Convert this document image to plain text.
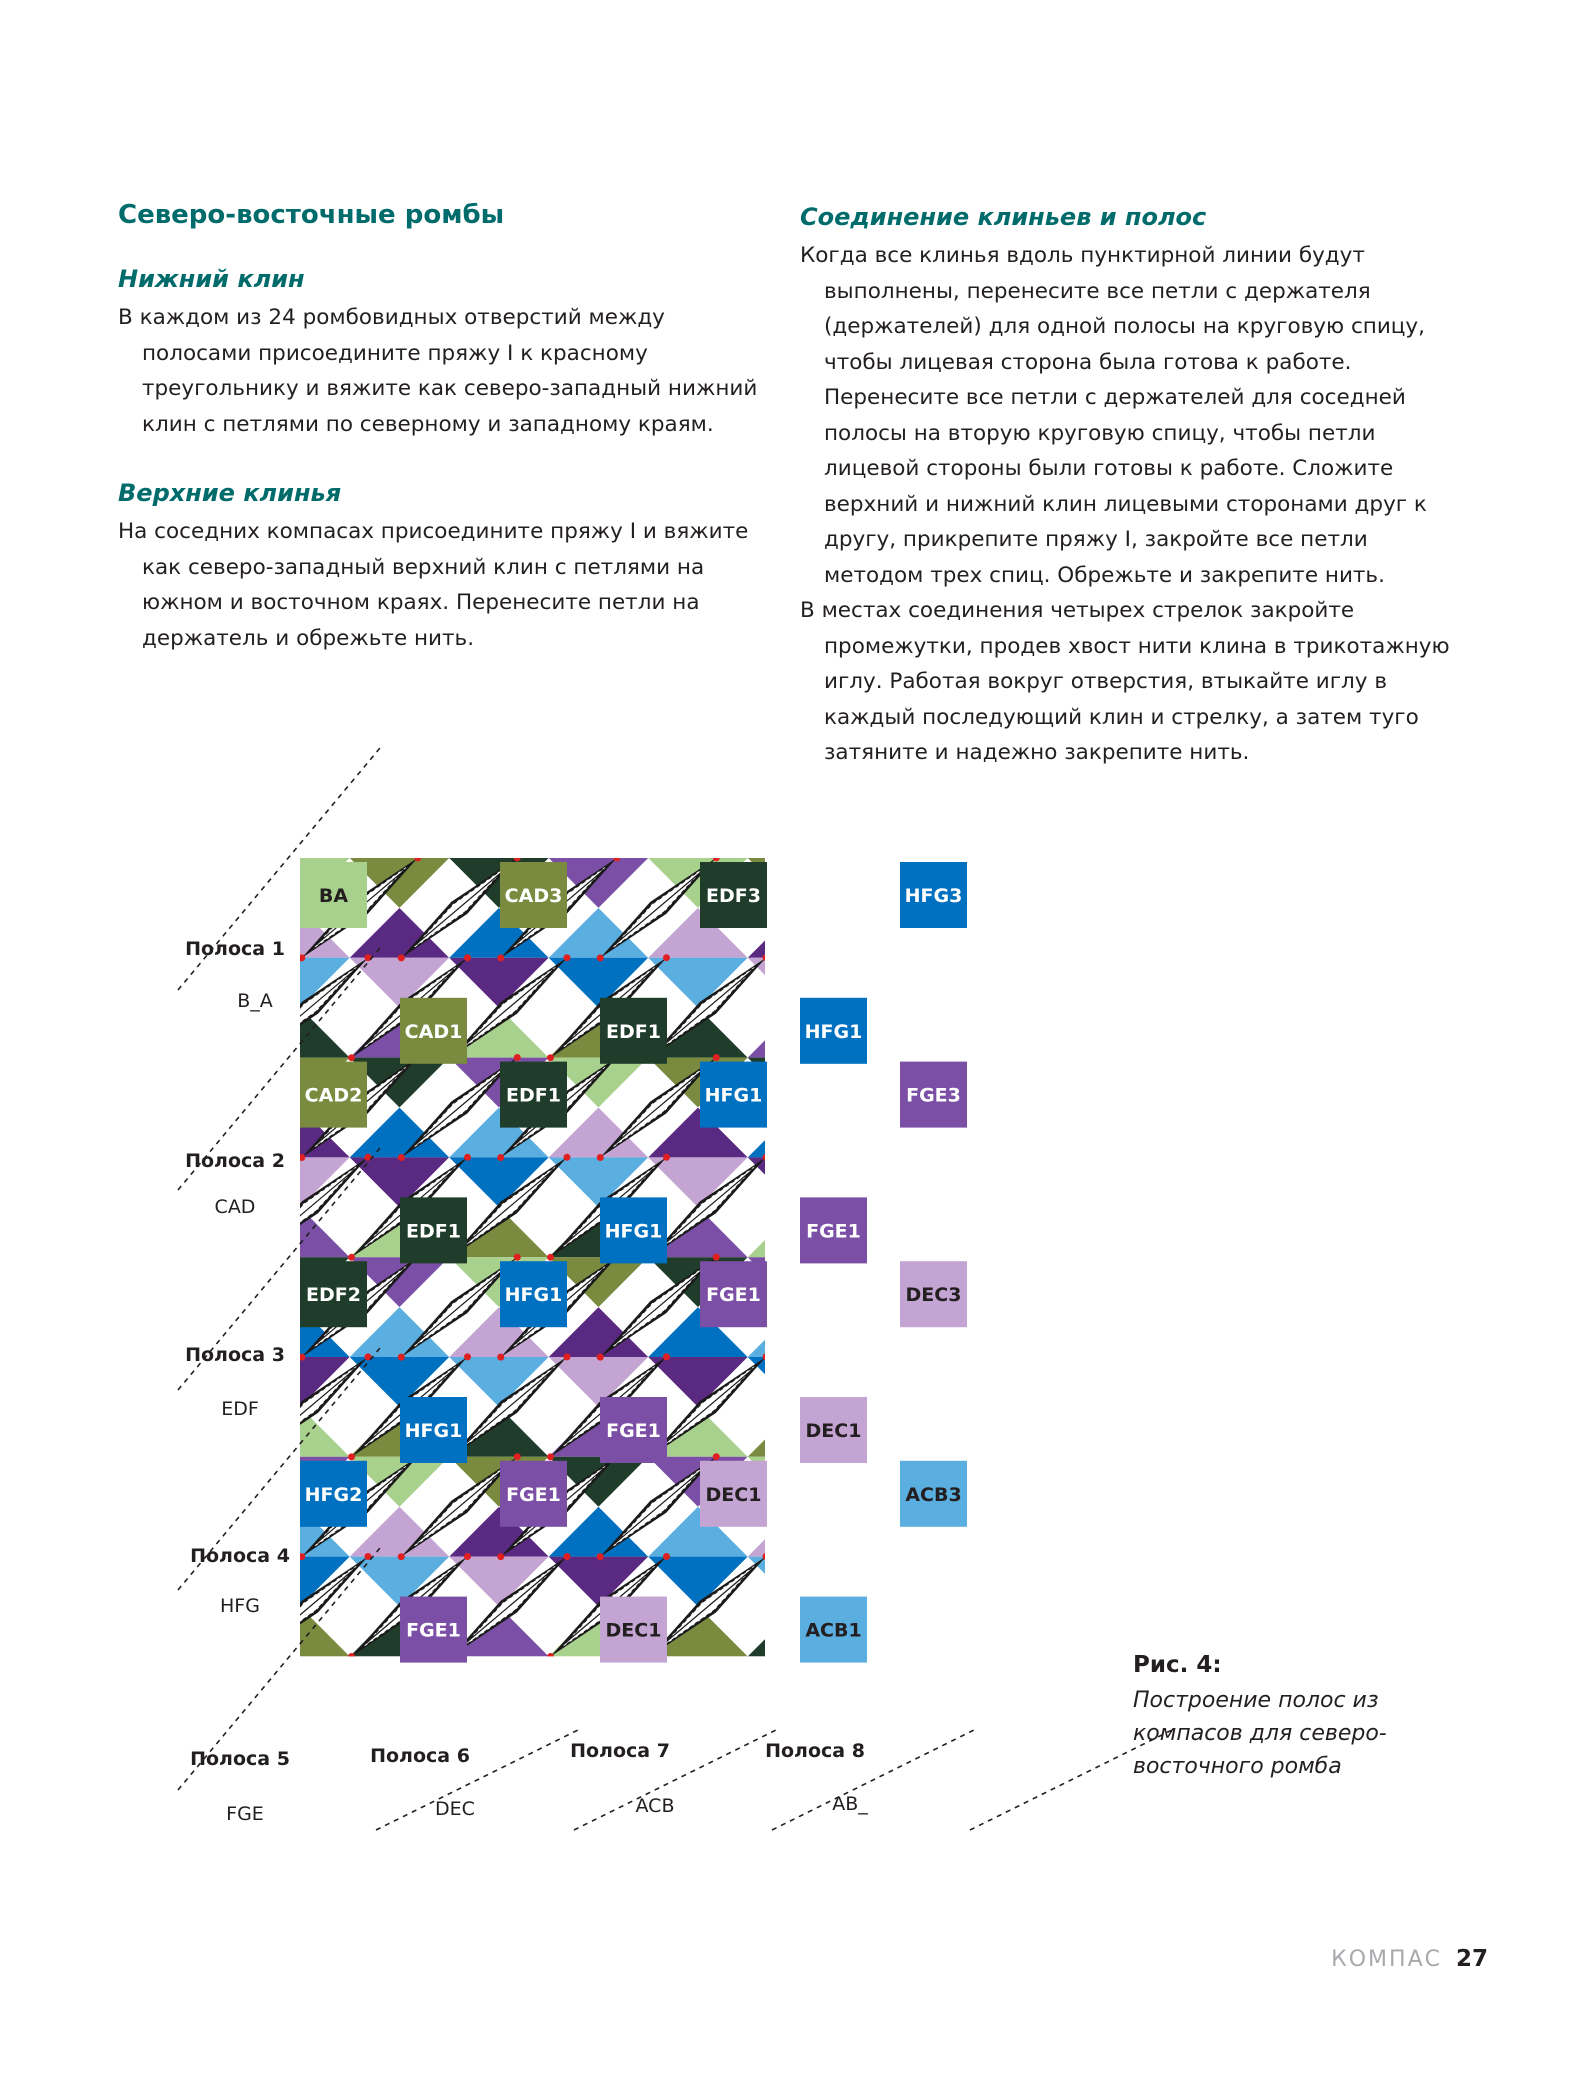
Северо-восточные ромбы
Нижний клин

В каждом из 24 ромбовидных отверстий между полосами присоедините пряжу I к красному треугольнику и вяжите как северо-западный нижний клин с петлями по северному и западному краям.

Верхние клинья

На соседних компасах присоедините пряжу I и вяжите как северо-западный верхний клин с петлями на южном и восточном краях. Перенесите петли на держатель и обрежьте нить.

Соединение клиньев и полос

Когда все клинья вдоль пунктирной линии будут выполнены, перенесите все петли с держателя (держателей) для одной полосы на круговую спицу, чтобы лицевая сторона была готова к работе. Перенесите все петли с держателей для соседней полосы на вторую круговую спицу, чтобы петли лицевой стороны были готовы к работе. Сложите верхний и нижний клин лицевыми сторонами друг к другу, прикрепите пряжу I, закройте все петли методом трех спиц. Обрежьте и закрепите нить.

В местах соединения четырех стрелок закройте промежутки, продев хвост нити клина в трикотажную иглу. Работая вокруг отверстия, втыкайте иглу в каждый последующий клин и стрелку, а затем туго затяните и надежно закрепите нить.

BA	CAD3	EDF3	HFG3
CAD1	EDF1	HFG1
CAD2	EDF1	HFG1	FGE3
EDF1	HFG1	FGE1
EDF2	HFG1	FGE1	DEC3
HFG1	FGE1	DEC1
HFG2	FGE1	DEC1	ACB3
FGE1	DEC1	ACB1
Полоса 1
B_A
Полоса 2
CAD
Полоса 3
EDF
Полоса 4
HFG
Полоса 5
FGE
Полоса 6
DEC
Полоса 7
ACB
Полоса 8
AB_

Рис. 4:

Построение полос из компасов для северо-восточного ромба

КОМПАС 27
